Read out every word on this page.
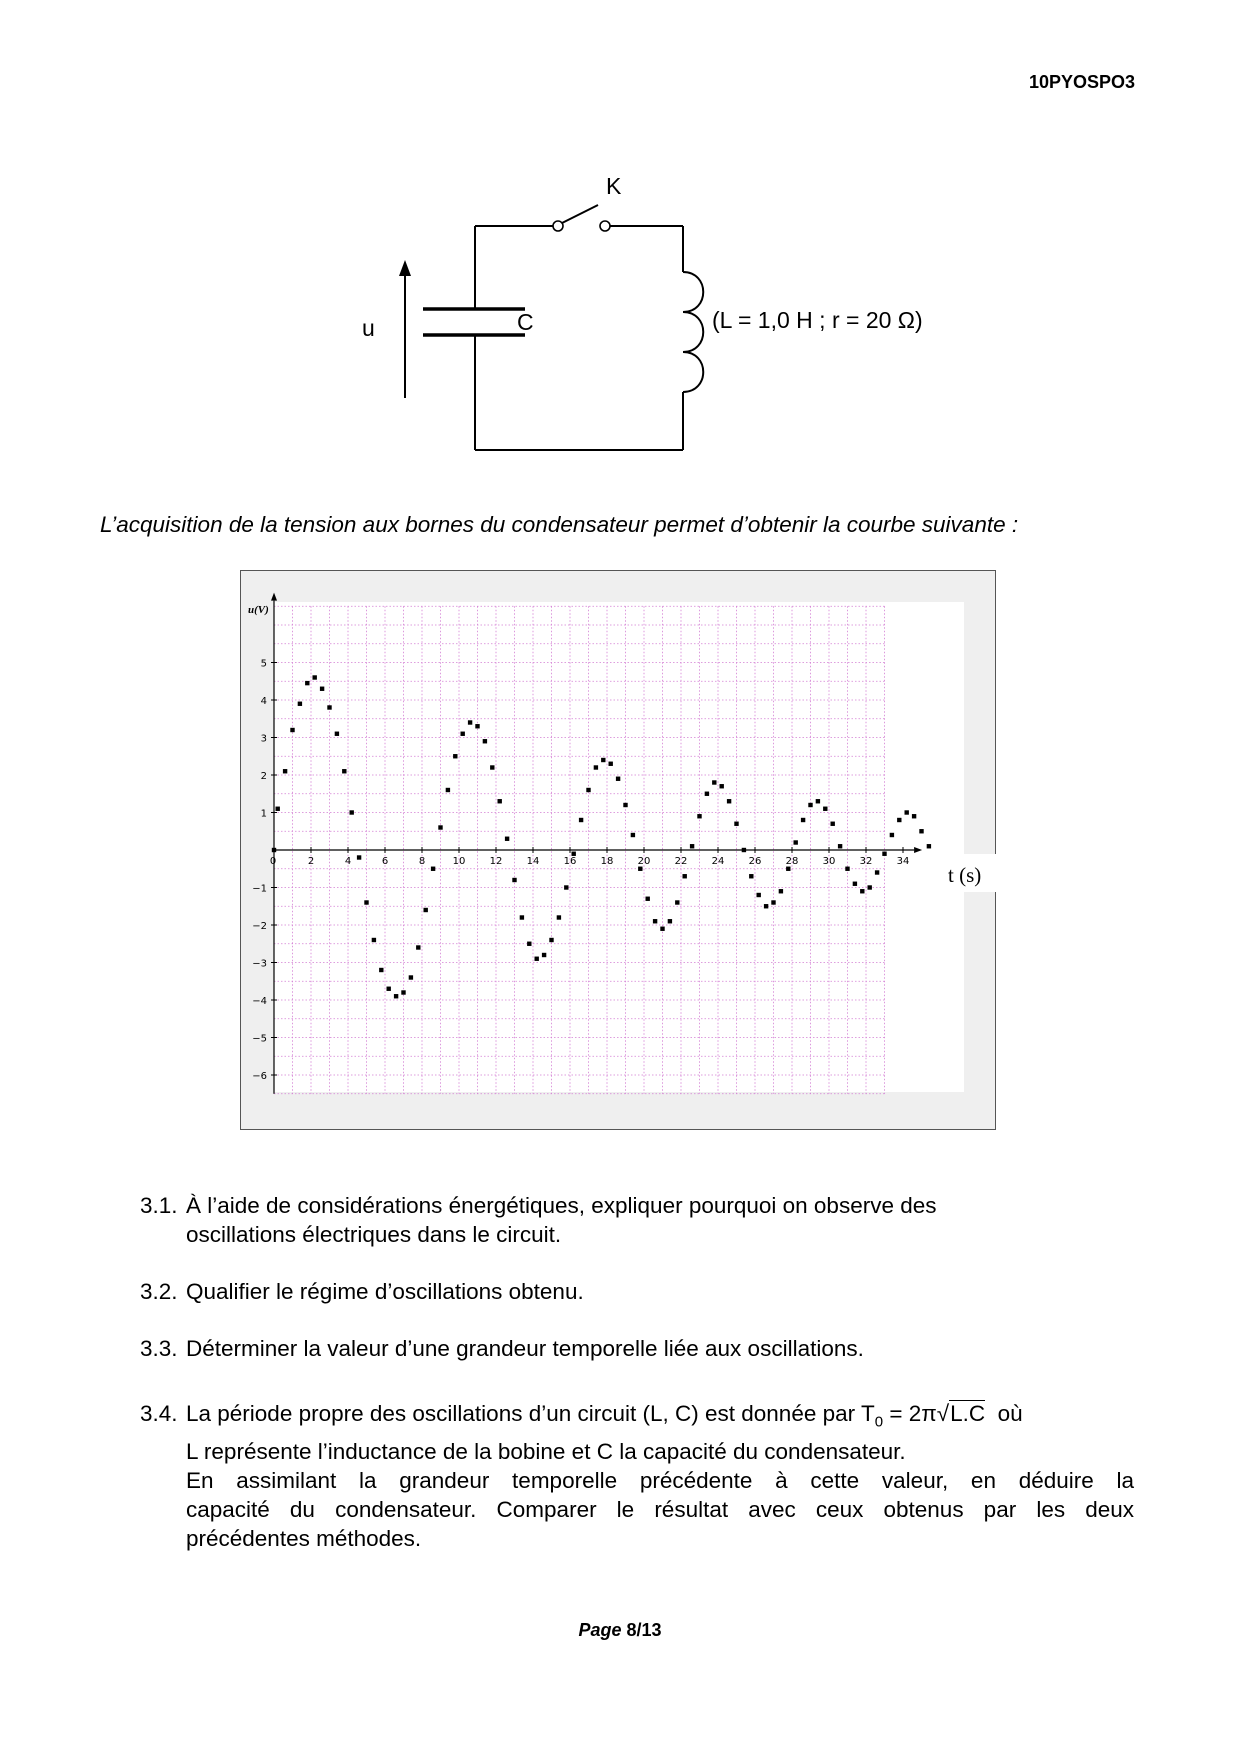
10PYOSPO3
K
(L = 1,0 H ; r = 20 Ω)
C
u
L’acquisition de la tension aux bornes du condensateur permet d’obtenir la courbe suivante :
0	2	4	6	8	10 12 14 16 18 20 22 24 26 28 30 32 34
−6
−5
−4
−3
−2
−1
1
2
3
4
5
u(V)
t (s)
3.1. À l’aide de considérations énergétiques, expliquer pourquoi on observe des
oscillations électriques dans le circuit.
3.2. Qualifier le régime d’oscillations obtenu.
3.3. Déterminer la valeur d’une grandeur temporelle liée aux oscillations.
3.4. La période propre des oscillations d’un circuit (L, C) est donnée par $T_0 = 2\pi√L.C$  où
L représente l’inductance de la bobine et C la capacité du condensateur.
En assimilant la grandeur temporelle précédente à cette valeur, en déduire la
capacité du condensateur. Comparer le résultat avec ceux obtenus par les deux
précédentes méthodes.
Page 8/13
